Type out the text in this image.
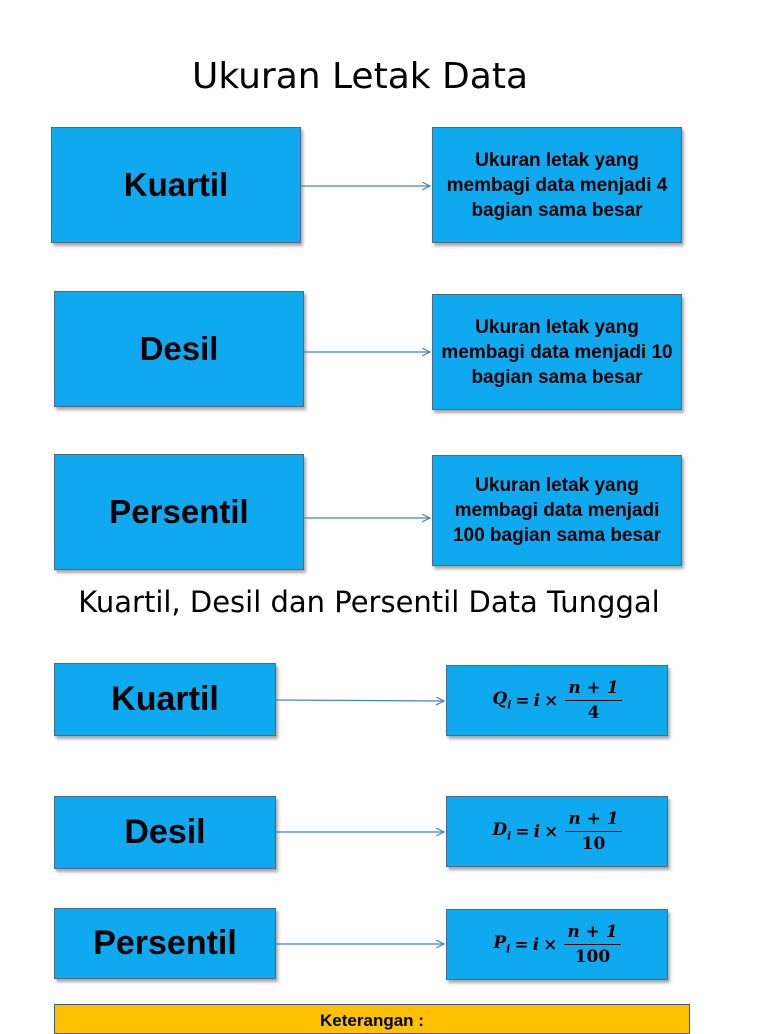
Ukuran Letak Data
Kuartil
Ukuran letak yang membagi data menjadi 4 bagian sama besar
Desil
Ukuran letak yang membagi data menjadi 10 bagian sama besar
Persentil
Ukuran letak yang membagi data menjadi 100 bagian sama besar
Kuartil, Desil dan Persentil Data Tunggal
Kuartil	$Q_i = i \times \frac{n + 1}{4}$
Desil	$D_i = i \times \frac{n + 1}{10}$
Persentil	$P_i = i \times \frac{n + 1}{100}$
Keterangan :
